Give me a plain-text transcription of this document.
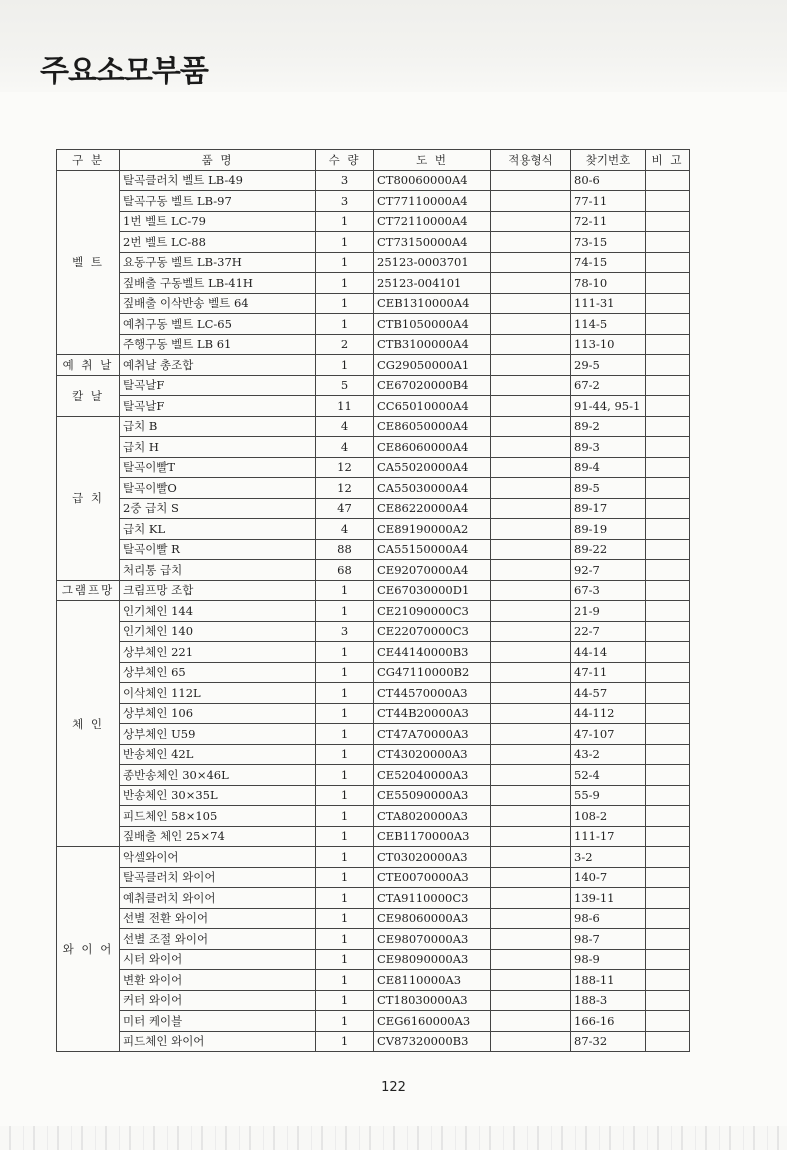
주요소모부품
구 분	품 명	수 량	도 번	적용형식	찾기번호	비 고
벨 트	탈곡클러치 벨트 LB-49	3	CT80060000A4		80-6	
	탈곡구동 벨트 LB-97	3	CT77110000A4		77-11	
	1번 벨트 LC-79	1	CT72110000A4		72-11	
	2번 벨트 LC-88	1	CT73150000A4		73-15	
	요동구동 벨트 LB-37H	1	25123-0003701		74-15	
	짚배출 구동벨트 LB-41H	1	25123-004101		78-10	
	짚배출 이삭반송 벨트 64	1	CEB1310000A4		111-31	
	예취구동 벨트 LC-65	1	CTB1050000A4		114-5	
	주행구동 벨트 LB 61	2	CTB3100000A4		113-10	
예 취 날	예취날 총조합	1	CG29050000A1		29-5	
칼 날	탈곡날F	5	CE67020000B4		67-2	
	탈곡날F	11	CC65010000A4		91-44, 95-1	
급 치	급치 B	4	CE86050000A4		89-2	
	급치 H	4	CE86060000A4		89-3	
	탈곡이빨T	12	CA55020000A4		89-4	
	탈곡이빨O	12	CA55030000A4		89-5	
	2중 급치 S	47	CE86220000A4		89-17	
	급치 KL	4	CE89190000A2		89-19	
	탈곡이빨 R	88	CA55150000A4		89-22	
	처리통 급치	68	CE92070000A4		92-7	
그램프망	크림프망 조합	1	CE67030000D1		67-3	
체 인	인기체인 144	1	CE21090000C3		21-9	
	인기체인 140	3	CE22070000C3		22-7	
	상부체인 221	1	CE44140000B3		44-14	
	상부체인 65	1	CG47110000B2		47-11	
	이삭체인 112L	1	CT44570000A3		44-57	
	상부체인 106	1	CT44B20000A3		44-112	
	상부체인 U59	1	CT47A70000A3		47-107	
	반송체인 42L	1	CT43020000A3		43-2	
	종반송체인 30×46L	1	CE52040000A3		52-4	
	반송체인 30×35L	1	CE55090000A3		55-9	
	피드체인 58×105	1	CTA8020000A3		108-2	
	짚배출 체인 25×74	1	CEB1170000A3		111-17	
와 이 어	악셀와이어	1	CT03020000A3		3-2	
	탈곡클러치 와이어	1	CTE0070000A3		140-7	
	예취클러치 와이어	1	CTA9110000C3		139-11	
	선별 전환 와이어	1	CE98060000A3		98-6	
	선별 조절 와이어	1	CE98070000A3		98-7	
	시터 와이어	1	CE98090000A3		98-9	
	변환 와이어	1	CE8110000A3		188-11	
	커터 와이어	1	CT18030000A3		188-3	
	미터 케이블	1	CEG6160000A3		166-16	
	피드체인 와이어	1	CV87320000B3		87-32	
122
